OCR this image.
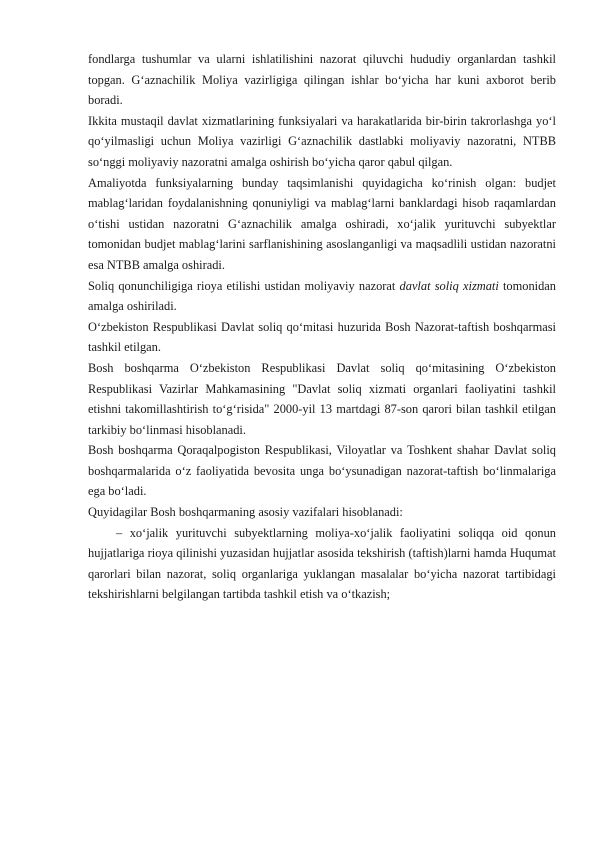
fondlarga tushumlar va ularni ishlatilishini nazorat qiluvchi hududiy organlardan tashkil topgan. G‘aznachilik Moliya vazirligiga qilingan ishlar bo‘yicha har kuni axborot berib boradi.

Ikkita mustaqil davlat xizmatlarining funksiyalari va harakatlarida bir-birin takrorlashga yo‘l qo‘yilmasligi uchun Moliya vazirligi G‘aznachilik dastlabki moliyaviy nazoratni, NTBB so‘nggi moliyaviy nazoratni amalga oshirish bo‘yicha qaror qabul qilgan.

Amaliyotda funksiyalarning bunday taqsimlanishi quyidagicha ko‘rinish olgan: budjet mablag‘laridan foydalanishning qonuniyligi va mablag‘larni banklardagi hisob raqamlardan o‘tishi ustidan nazoratni G‘aznachilik amalga oshiradi, xo‘jalik yurituvchi subyektlar tomonidan budjet mablag‘larini sarflanishining asoslanganligi va maqsadlili ustidan nazoratni esa NTBB amalga oshiradi.

Soliq qonunchiligiga rioya etilishi ustidan moliyaviy nazorat davlat soliq xizmati tomonidan amalga oshiriladi.

O‘zbekiston Respublikasi Davlat soliq qo‘mitasi huzurida Bosh Nazorat-taftish boshqarmasi tashkil etilgan.

Bosh boshqarma O‘zbekiston Respublikasi Davlat soliq qo‘mitasining O‘zbekiston Respublikasi Vazirlar Mahkamasining "Davlat soliq xizmati organlari faoliyatini tashkil etishni takomillashtirish to‘g‘risida" 2000-yil 13 martdagi 87-son qarori bilan tashkil etilgan tarkibiy bo‘linmasi hisoblanadi.

Bosh boshqarma Qoraqalpogiston Respublikasi, Viloyatlar va Toshkent shahar Davlat soliq boshqarmalarida o‘z faoliyatida bevosita unga bo‘ysunadigan nazorat-taftish bo‘linmalariga ega bo‘ladi.

Quyidagilar Bosh boshqarmaning asosiy vazifalari hisoblanadi:

– xo‘jalik yurituvchi subyektlarning moliya-xo‘jalik faoliyatini soliqqa oid qonun hujjatlariga rioya qilinishi yuzasidan hujjatlar asosida tekshirish (taftish)larni hamda Huqumat qarorlari bilan nazorat, soliq organlariga yuklangan masalalar bo‘yicha nazorat tartibidagi tekshirishlarni belgilangan tartibda tashkil etish va o‘tkazish;
